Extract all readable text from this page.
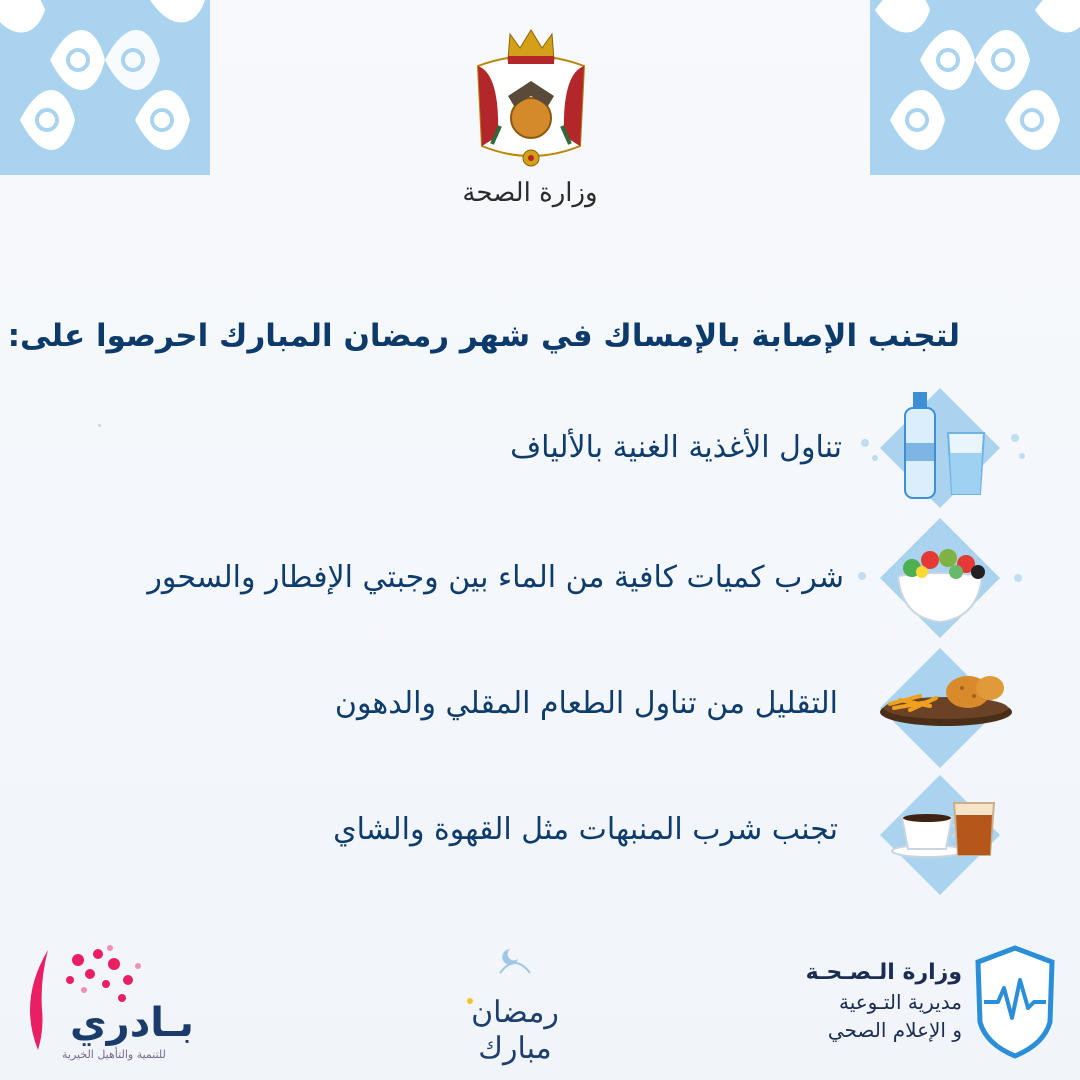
وزارة الصحة
لتجنب الإصابة بالإمساك في شهر رمضان المبارك احرصوا على:
تناول الأغذية الغنية بالألياف
شرب كميات كافية من الماء بين وجبتي الإفطار والسحور
التقليل من تناول الطعام المقلي والدهون
تجنب شرب المنبهات مثل القهوة والشاي
بـادري
للتنمية والتأهيل الخيرية
رمضان
مبارك
وزارة الـصـحـة
مديرية التـوعية
و الإعلام الصحي
